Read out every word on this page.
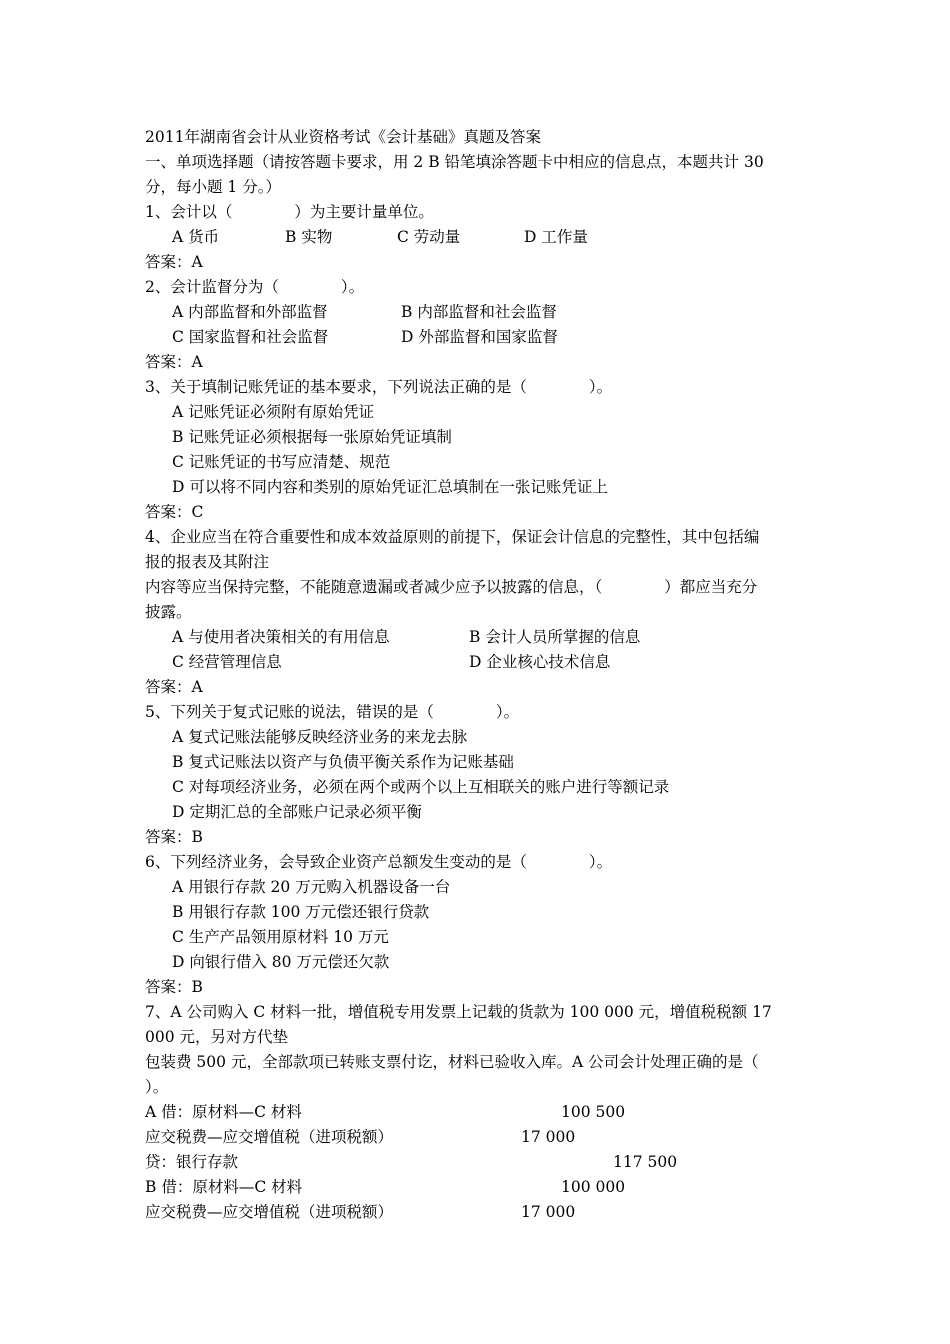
2011年湖南省会计从业资格考试《会计基础》真题及答案
一、单项选择题（请按答题卡要求，用 2 B 铅笔填涂答题卡中相应的信息点，本题共计 30
分，每小题 1 分。）
1、会计以（　　　　）为主要计量单位。
A 货币	B 实物	C 劳动量	D 工作量
答案：A
2、会计监督分为（　　　　）。
A 内部监督和外部监督	B 内部监督和社会监督
C 国家监督和社会监督	D 外部监督和国家监督
答案：A
3、关于填制记账凭证的基本要求，下列说法正确的是（　　　　）。
A 记账凭证必须附有原始凭证
B 记账凭证必须根据每一张原始凭证填制
C 记账凭证的书写应清楚、规范
D 可以将不同内容和类别的原始凭证汇总填制在一张记账凭证上
答案：C
4、企业应当在符合重要性和成本效益原则的前提下，保证会计信息的完整性，其中包括编
报的报表及其附注
内容等应当保持完整，不能随意遗漏或者减少应予以披露的信息，（　　　　）都应当充分
披露。
A 与使用者决策相关的有用信息	B 会计人员所掌握的信息
C 经营管理信息	D 企业核心技术信息
答案：A
5、下列关于复式记账的说法，错误的是（　　　　）。
A 复式记账法能够反映经济业务的来龙去脉
B 复式记账法以资产与负债平衡关系作为记账基础
C 对每项经济业务，必须在两个或两个以上互相联关的账户进行等额记录
D 定期汇总的全部账户记录必须平衡
答案：B
6、下列经济业务，会导致企业资产总额发生变动的是（　　　　）。
A 用银行存款 20 万元购入机器设备一台
B 用银行存款 100 万元偿还银行贷款
C 生产产品领用原材料 10 万元
D 向银行借入 80 万元偿还欠款
答案：B
7、A 公司购入 C 材料一批，增值税专用发票上记载的货款为 100 000 元，增值税税额 17
000 元，另对方代垫
包装费 500 元，全部款项已转账支票付讫，材料已验收入库。A 公司会计处理正确的是（
）。
A 借：原材料—C 材料	100 500
应交税费—应交增值税（进项税额）	17 000
贷：银行存款	117 500
B 借：原材料—C 材料	100 000
应交税费—应交增值税（进项税额）	17 000
